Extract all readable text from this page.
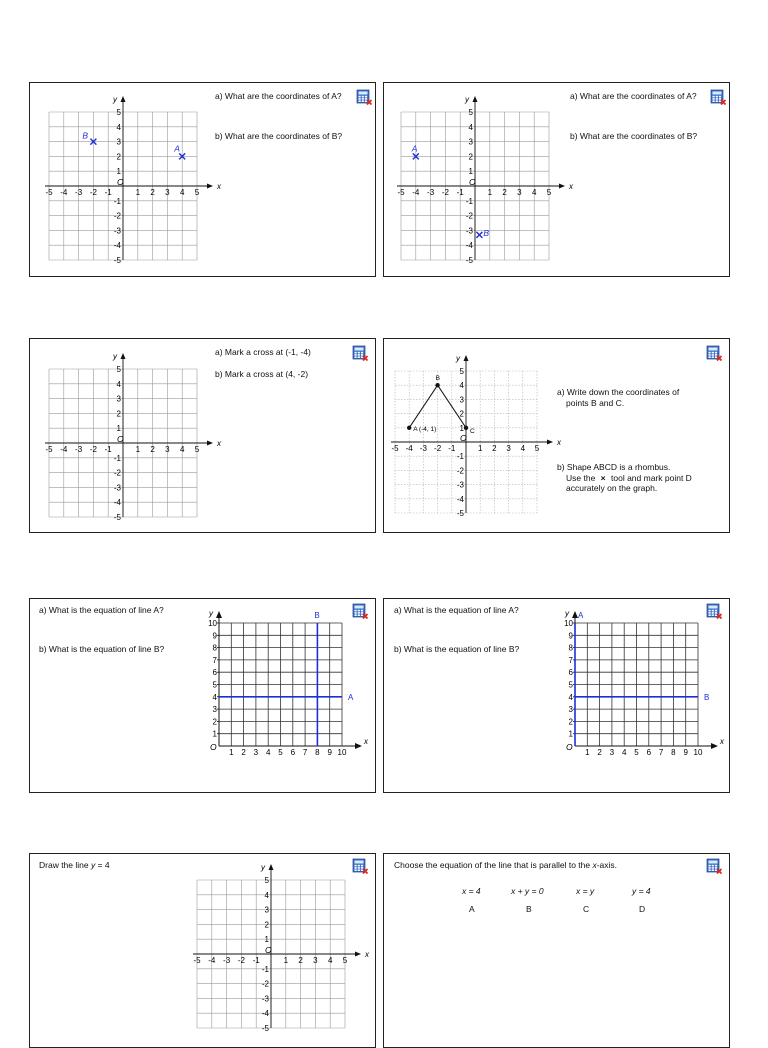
x
y
O
-5
-5
-4
-4
-3
-3
-2
-2
-1
-1
1
1
2
2
3
3
4
4
5
5
A
B
a) What are the coordinates of A?
b) What are the coordinates of B?
x
y
O
-5
-5
-4
-4
-3
-3
-2
-2
-1
-1
1
1
2
2
3
3
4
4
5
5
A
B
a) What are the coordinates of A?
b) What are the coordinates of B?
x
y
O
-5
-5
-4
-4
-3
-3
-2
-2
-1
-1
1
1
2
2
3
3
4
4
5
5
a) Mark a cross at (-1, -4)
b) Mark a cross at (4, -2)
x
y
O
-5
-5
-4
-4
-3
-3
-2
-2
-1
-1
1
1
2
2
3
3
4
4
5
5
A (-4, 1)
B
C
a) Write down the coordinates of
points B and C.
b) Shape ABCD is a rhombus.
Use the × tool and mark point D
accurately on the graph.
a) What is the equation of line A?
b) What is the equation of line B?
x
y
O
1
1
2
2
3
3
4
4
5
5
6
6
7
7
8
8
9
9
10
10
A
B
a) What is the equation of line A?
b) What is the equation of line B?
x
y
O
1
1
2
2
3
3
4
4
5
5
6
6
7
7
8
8
9
9
10
10
A
B
Draw the line y = 4
x
y
O
-5
-5
-4
-4
-3
-3
-2
-2
-1
-1
1
1
2
2
3
3
4
4
5
5
Choose the equation of the line that is parallel to the x-axis.
x = 4	x + y = 0	x = y	y = 4
A	B	C	D
